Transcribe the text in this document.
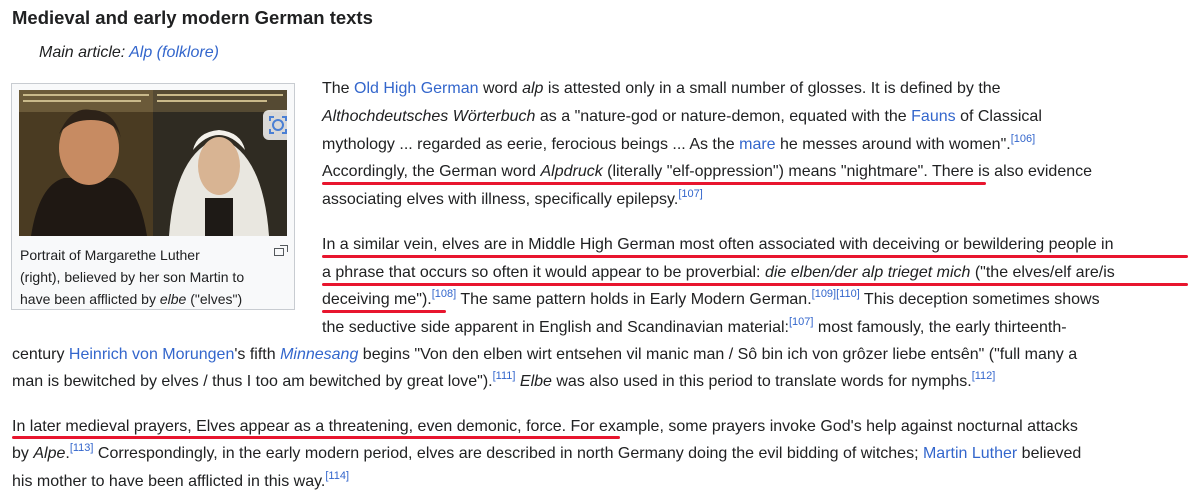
Medieval and early modern German texts
Main article: Alp (folklore)
Portrait of Margarethe Luther
(right), believed by her son Martin to
have been afflicted by elbe ("elves")
The Old High German word alp is attested only in a small number of glosses. It is defined by the
Althochdeutsches Wörterbuch as a "nature-god or nature-demon, equated with the Fauns of Classical
mythology ... regarded as eerie, ferocious beings ... As the mare he messes around with women".[106]
Accordingly, the German word Alpdruck (literally "elf-oppression") means "nightmare". There is also evidence
associating elves with illness, specifically epilepsy.[107]
In a similar vein, elves are in Middle High German most often associated with deceiving or bewildering people in
a phrase that occurs so often it would appear to be proverbial: die elben/der alp trieget mich ("the elves/elf are/is
deceiving me").[108] The same pattern holds in Early Modern German.[109][110] This deception sometimes shows
the seductive side apparent in English and Scandinavian material:[107] most famously, the early thirteenth-
century Heinrich von Morungen's fifth Minnesang begins "Von den elben wirt entsehen vil manic man / Sô bin ich von grôzer liebe entsên" ("full many a
man is bewitched by elves / thus I too am bewitched by great love").[111] Elbe was also used in this period to translate words for nymphs.[112]
In later medieval prayers, Elves appear as a threatening, even demonic, force. For example, some prayers invoke God's help against nocturnal attacks
by Alpe.[113] Correspondingly, in the early modern period, elves are described in north Germany doing the evil bidding of witches; Martin Luther believed
his mother to have been afflicted in this way.[114]
